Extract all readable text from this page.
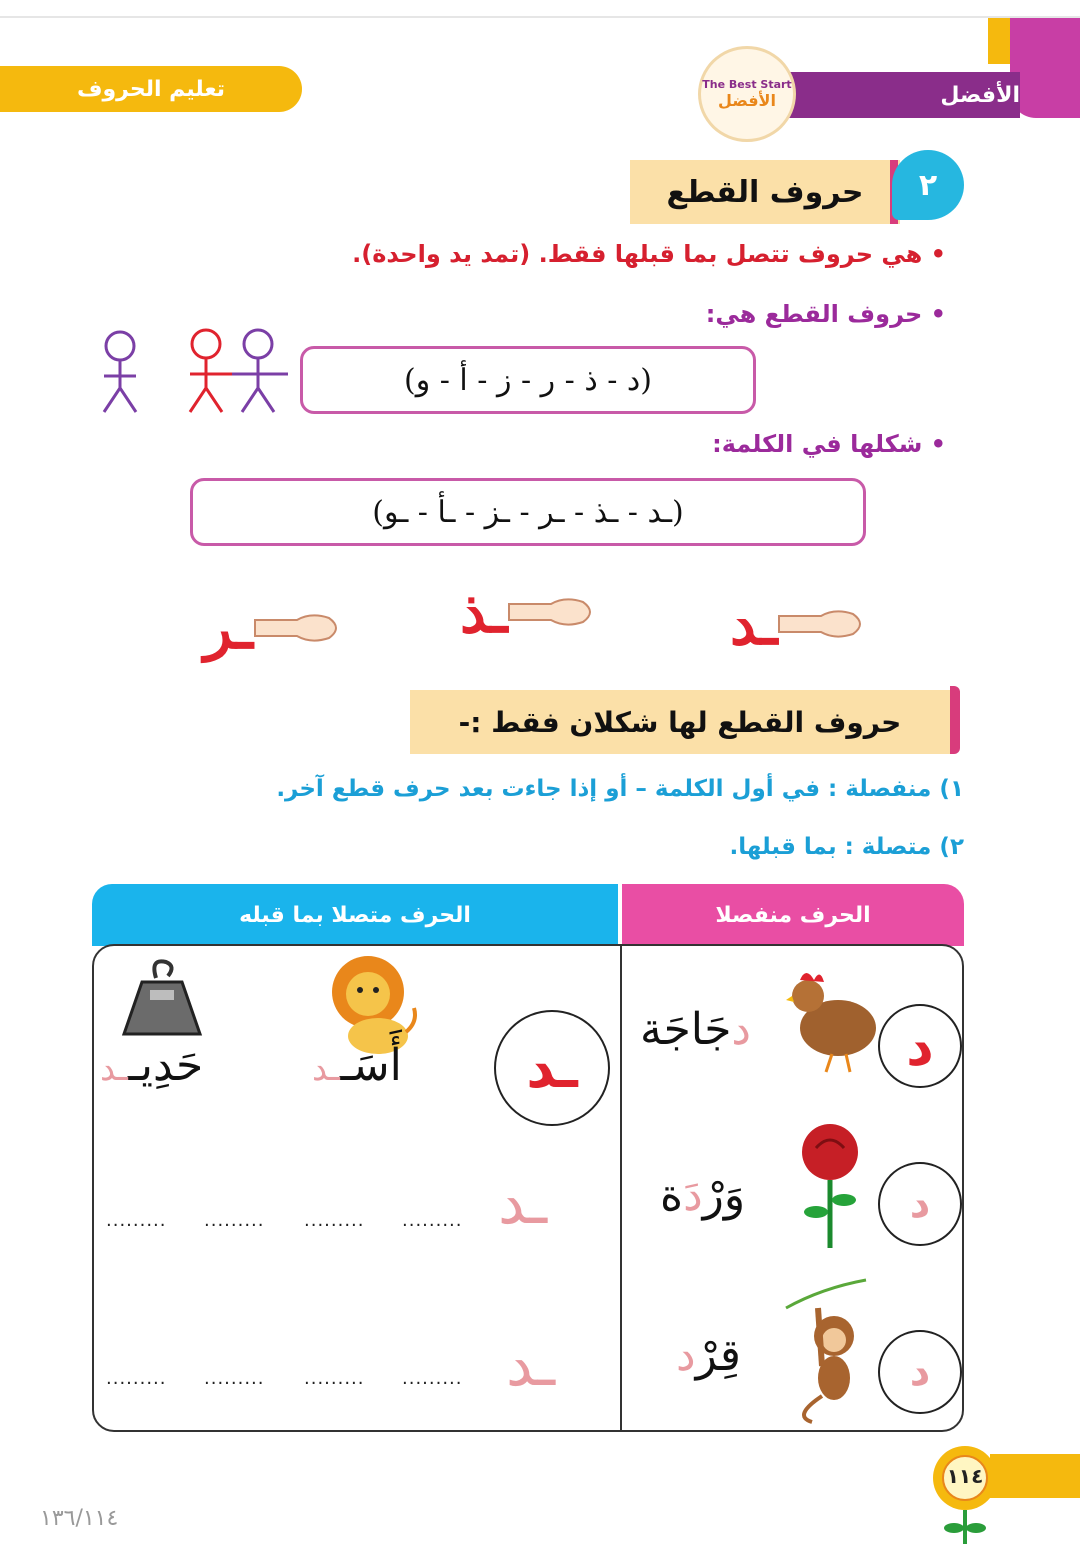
تعليم الحروف	الأفضل
The Best Start
الأفضل
حروف القطع ٢
• هي حروف تتصل بما قبلها فقط. (تمد يد واحدة).
• حروف القطع هي:
(د - ذ - ر - ز - أ - و)
• شكلها في الكلمة:
(ـد - ـذ - ـر - ـز - ـأ - ـو)
ـد
ـذ
ـر
حروف القطع لها شكلان فقط :-
١) منفصلة : في أول الكلمة – أو إذا جاءت بعد حرف قطع آخر.
٢) متصلة : بما قبلها.
الحرف متصلا بما قبله	الحرف منفصلا
د
دجَاجَة
د
وَرْدَة
د
قِرْد
ـد
أَسَـ
ـد
حَدِيـ
ـد
ـد
.........
.........
.........
.........
ـد
.........
.........
.........
.........
١١٤
١٣٦/١١٤
